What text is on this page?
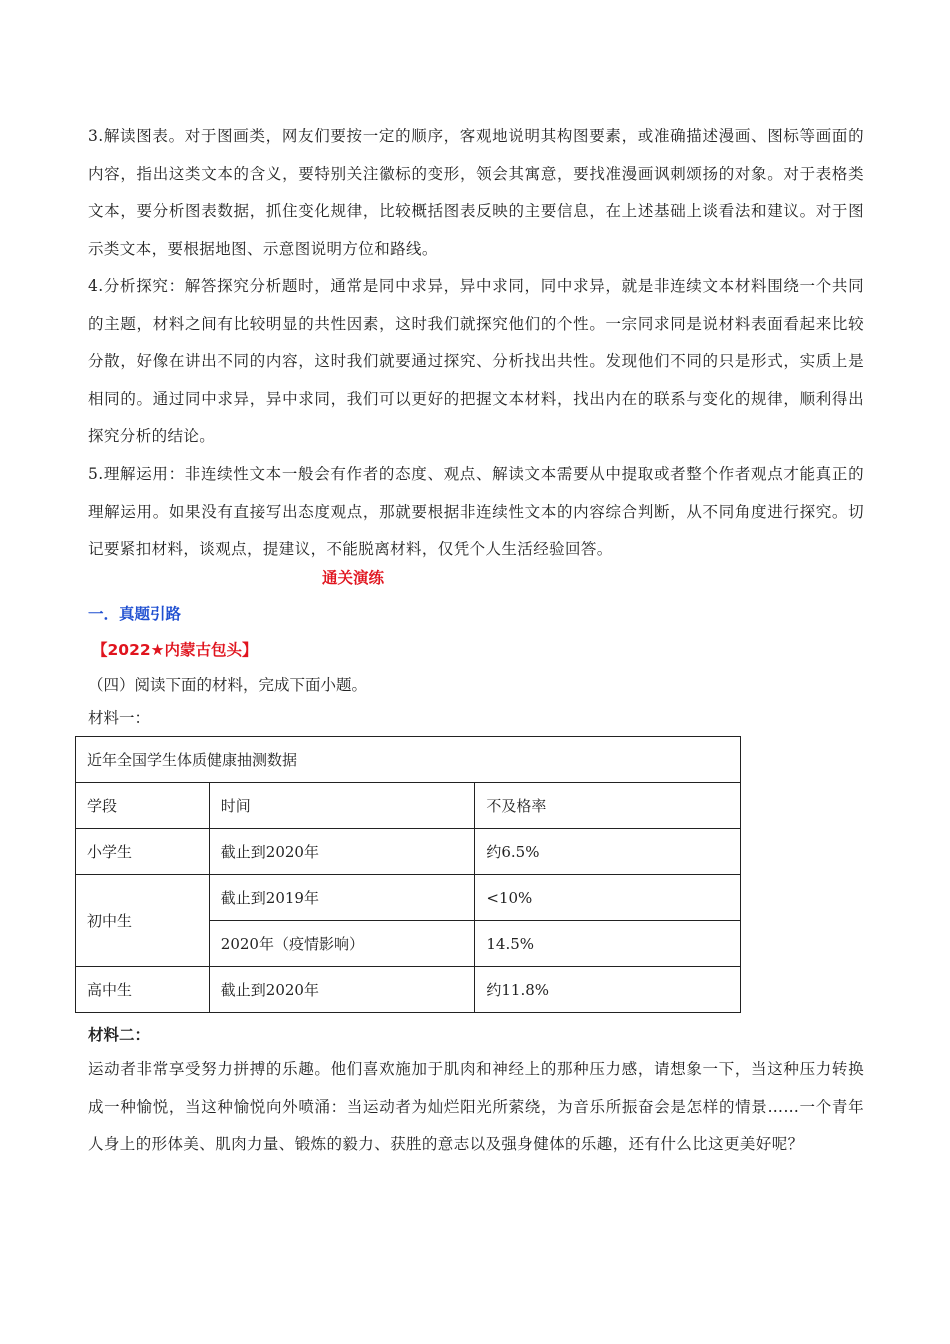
3.解读图表。对于图画类，网友们要按一定的顺序，客观地说明其构图要素，或准确描述漫画、图标等画面的内容，指出这类文本的含义，要特别关注徽标的变形，领会其寓意，要找准漫画讽刺颂扬的对象。对于表格类文本，要分析图表数据，抓住变化规律，比较概括图表反映的主要信息，在上述基础上谈看法和建议。对于图示类文本，要根据地图、示意图说明方位和路线。

4.分析探究：解答探究分析题时，通常是同中求异，异中求同，同中求异，就是非连续文本材料围绕一个共同的主题，材料之间有比较明显的共性因素，这时我们就探究他们的个性。一宗同求同是说材料表面看起来比较分散，好像在讲出不同的内容，这时我们就要通过探究、分析找出共性。发现他们不同的只是形式，实质上是相同的。通过同中求异，异中求同，我们可以更好的把握文本材料，找出内在的联系与变化的规律，顺利得出探究分析的结论。

5.理解运用：非连续性文本一般会有作者的态度、观点、解读文本需要从中提取或者整个作者观点才能真正的理解运用。如果没有直接写出态度观点，那就要根据非连续性文本的内容综合判断，从不同角度进行探究。切记要紧扣材料，谈观点，提建议，不能脱离材料，仅凭个人生活经验回答。

通关演练

一．真题引路

【2022★内蒙古包头】

（四）阅读下面的材料，完成下面小题。

材料一：

近年全国学生体质健康抽测数据		
学段	时间	不及格率
小学生	截止到2020年	约6.5%
初中生	截止到2019年	<10%
	2020年（疫情影响）	14.5%
高中生	截止到2020年	约11.8%

材料二：

运动者非常享受努力拼搏的乐趣。他们喜欢施加于肌肉和神经上的那种压力感，请想象一下，当这种压力转换成一种愉悦，当这种愉悦向外喷涌：当运动者为灿烂阳光所萦绕，为音乐所振奋会是怎样的情景……一个青年人身上的形体美、肌肉力量、锻炼的毅力、获胜的意志以及强身健体的乐趣，还有什么比这更美好呢？
